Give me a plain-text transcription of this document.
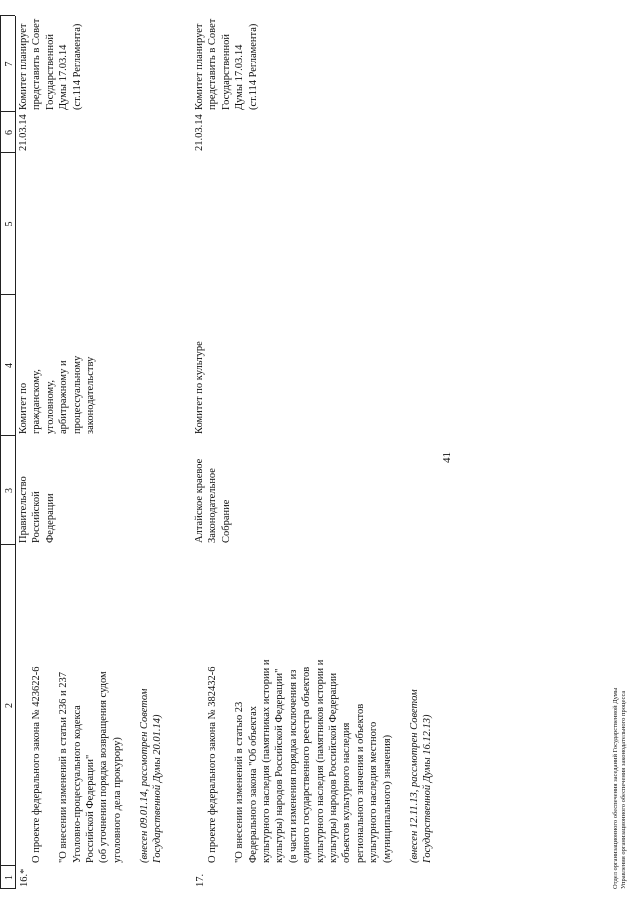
41
1
2
3
4
5
6
7
16.*

О проекте федерального закона № 423622-6 "О внесении изменений в статьи 236 и 237
Уголовно-процессуального кодекса
Российской Федерации"
(об уточнении порядка возвращения судом
уголовного дела прокурору)

(внесен 09.01.14, рассмотрен Советом
Государственной Думы 20.01.14)

Правительство
Российской
Федерации
Комитет по
гражданскому,
уголовному,
арбитражному и
процессуальному
законодательству
21.03.14
Комитет планирует
представить в Совет
Государственной
Думы 17.03.14
(ст.114 Регламента)
17.

О проекте федерального закона № 382432-6 "О внесении изменений в статью 23
Федерального закона "Об объектах
культурного наследия (памятниках истории и
культуры) народов Российской Федерации"
(в части изменения порядка исключения из
единого государственного реестра объектов
культурного наследия (памятников истории и
культуры) народов Российской Федерации
объектов культурного наследия
регионального значения и объектов
культурного наследия местного
(муниципального) значения)

(внесен 12.11.13, рассмотрен Советом
Государственной Думы 16.12.13)

Алтайское краевое
Законодательное
Собрание
Комитет по культуре
21.03.14
Комитет планирует
представить в Совет
Государственной
Думы 17.03.14
(ст.114 Регламента)
Отдел организационного обеспечения заседаний Государственной Думы Управления организационного обеспечения законодательного процесса
